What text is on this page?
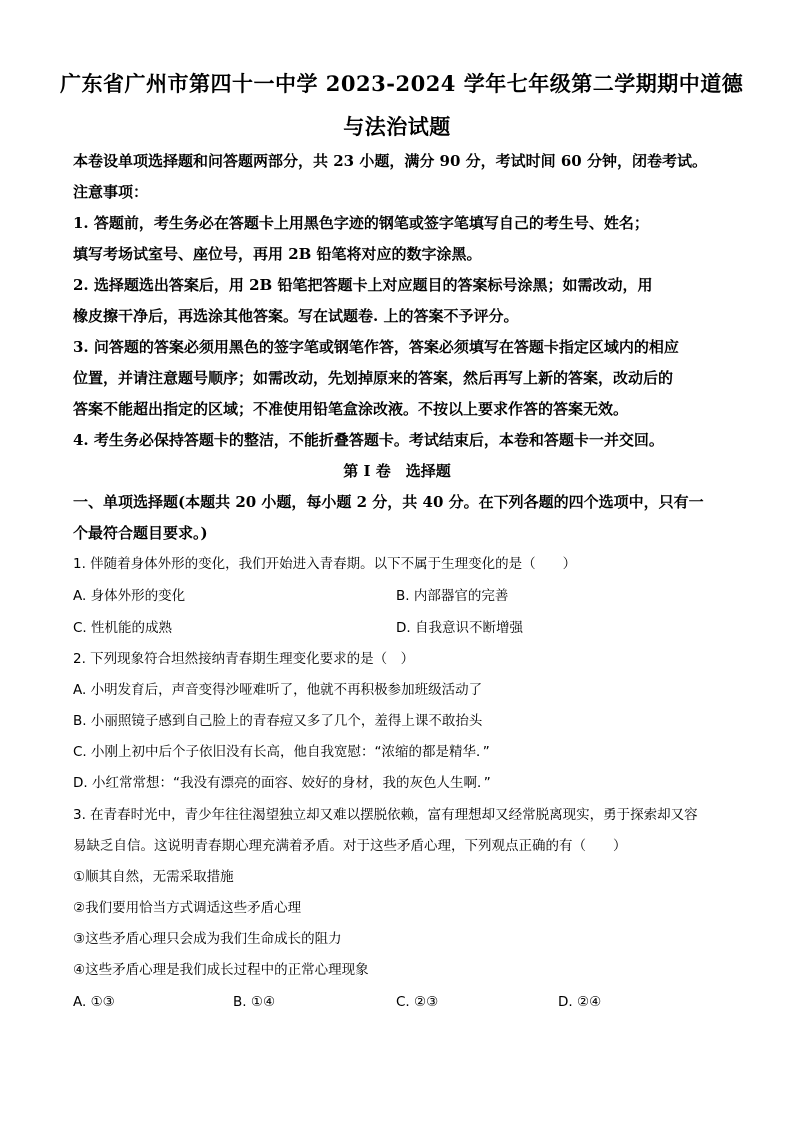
广东省广州市第四十一中学 2023-2024 学年七年级第二学期期中道德
与法治试题
本卷设单项选择题和问答题两部分，共 23 小题，满分 90 分，考试时间 60 分钟，闭卷考试。
注意事项：
1. 答题前，考生务必在答题卡上用黑色字迹的钢笔或签字笔填写自己的考生号、姓名；
填写考场试室号、座位号，再用 2B 铅笔将对应的数字涂黑。
2. 选择题选出答案后，用 2B 铅笔把答题卡上对应题目的答案标号涂黑；如需改动，用
橡皮擦干净后，再选涂其他答案。写在试题卷. 上的答案不予评分。
3. 问答题的答案必须用黑色的签字笔或钢笔作答，答案必须填写在答题卡指定区域内的相应
位置，并请注意题号顺序；如需改动，先划掉原来的答案，然后再写上新的答案，改动后的
答案不能超出指定的区域；不准使用铅笔盒涂改液。不按以上要求作答的答案无效。
4. 考生务必保持答题卡的整洁，不能折叠答题卡。考试结束后，本卷和答题卡一并交回。
第 I 卷　选择题
一、单项选择题(本题共 20 小题，每小题 2 分，共 40 分。在下列各题的四个选项中，只有一
个最符合题目要求。)
1. 伴随着身体外形的变化，我们开始进入青春期。以下不属于生理变化的是（　　）
A. 身体外形的变化	B. 内部器官的完善
C. 性机能的成熟	D. 自我意识不断增强
2. 下列现象符合坦然接纳青春期生理变化要求的是（　）
A. 小明发育后，声音变得沙哑难听了，他就不再积极参加班级活动了
B. 小丽照镜子感到自己脸上的青春痘又多了几个，羞得上课不敢抬头
C. 小刚上初中后个子依旧没有长高，他自我宽慰：“浓缩的都是精华．”
D. 小红常常想：“我没有漂亮的面容、姣好的身材，我的灰色人生啊．”
3. 在青春时光中，青少年往往渴望独立却又难以摆脱依赖，富有理想却又经常脱离现实，勇于探索却又容
易缺乏自信。这说明青春期心理充满着矛盾。对于这些矛盾心理，下列观点正确的有（　　）
①顺其自然，无需采取措施
②我们要用恰当方式调适这些矛盾心理
③这些矛盾心理只会成为我们生命成长的阻力
④这些矛盾心理是我们成长过程中的正常心理现象
A. ①③	B. ①④	C. ②③	D. ②④
